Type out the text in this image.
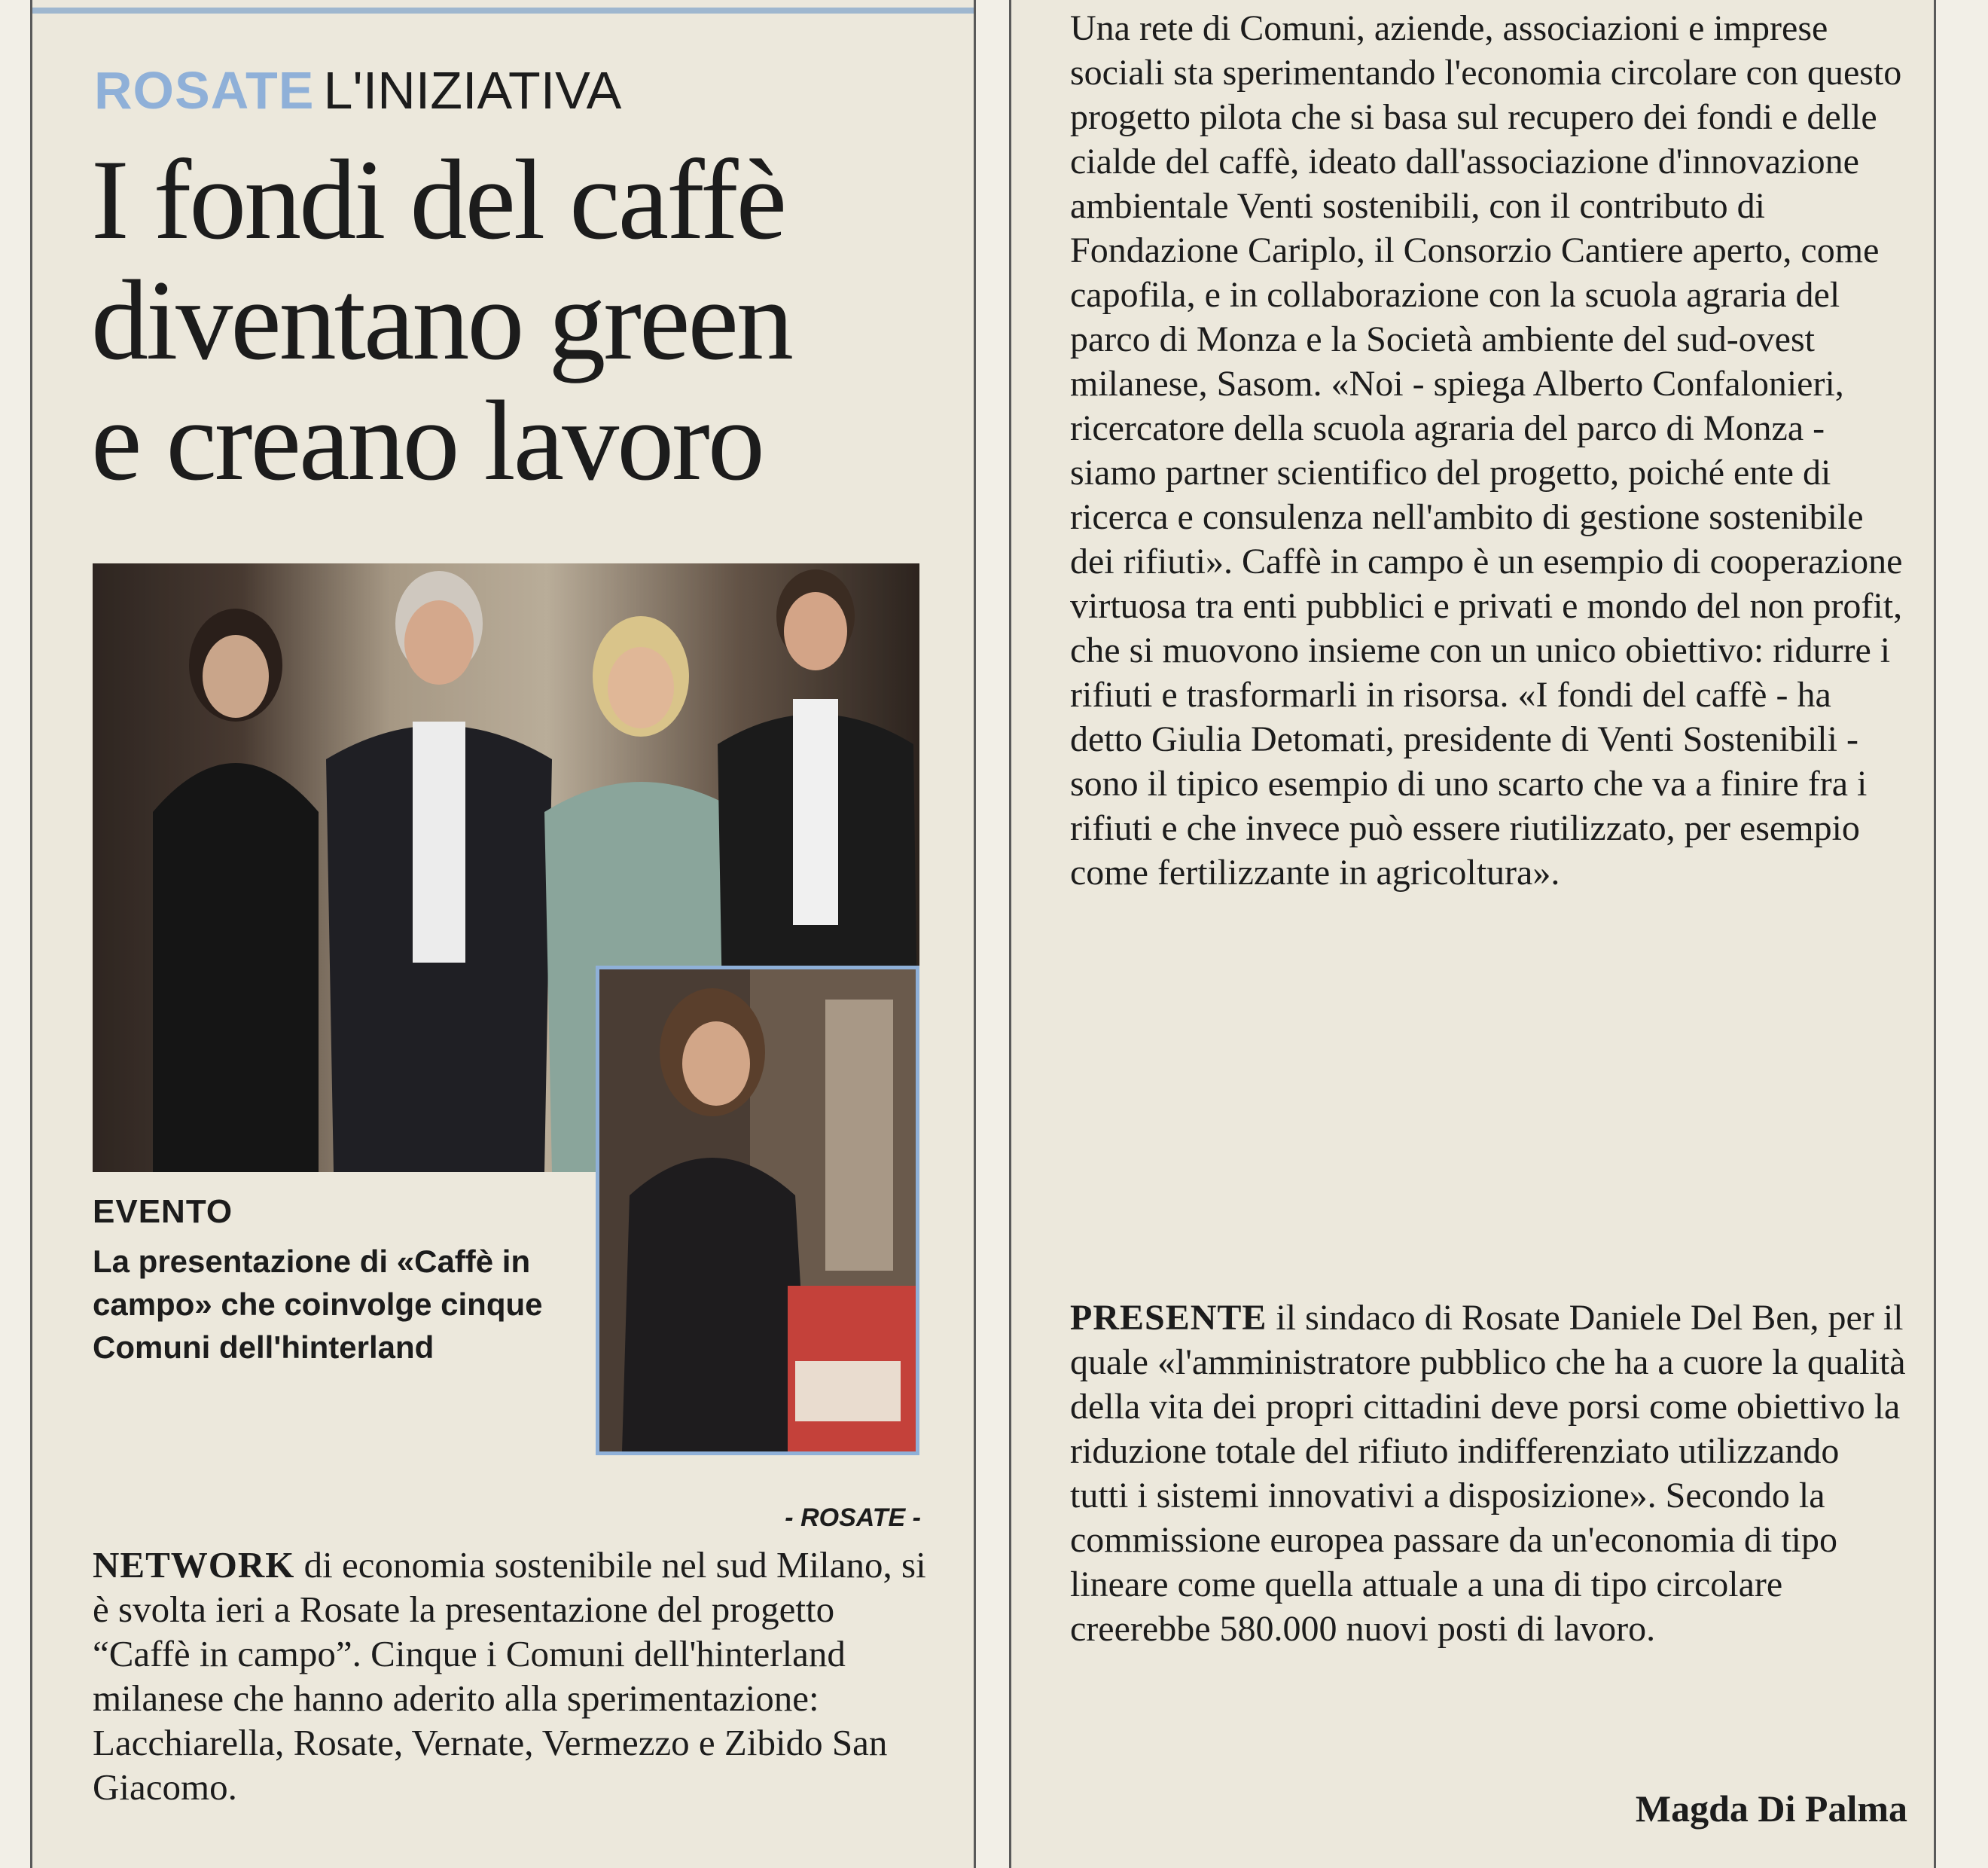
ROSATE L'INIZIATIVA
I fondi del caffè
diventano green
e creano lavoro
EVENTO

La presentazione di «Caffè in campo» che coinvolge cinque Comuni dell'hinterland

- ROSATE -

NETWORK di economia sostenibile nel sud Milano, si è svolta ieri a Rosate la presentazione del progetto “Caffè in campo”. Cinque i Comuni dell'hinterland milanese che hanno aderito alla sperimentazione: Lacchiarella, Rosate, Vernate, Vermezzo e Zibido San Giacomo.

Una rete di Comuni, aziende, associazioni e imprese sociali sta sperimentando l'economia circolare con questo progetto pilota che si basa sul recupero dei fondi e delle cialde del caffè, ideato dall'associazione d'innovazione ambientale Venti sostenibili, con il contributo di Fondazione Cariplo, il Consorzio Cantiere aperto, come capofila, e in collaborazione con la scuola agraria del parco di Monza e la Società ambiente del sud-ovest milanese, Sasom. «Noi - spiega Alberto Confalonieri, ricercatore della scuola agraria del parco di Monza - siamo partner scientifico del progetto, poiché ente di ricerca e consulenza nell'ambito di gestione sostenibile dei rifiuti». Caffè in campo è un esempio di cooperazione virtuosa tra enti pubblici e privati e mondo del non profit, che si muovono insieme con un unico obiettivo: ridurre i rifiuti e trasformarli in risorsa. «I fondi del caffè - ha detto Giulia Detomati, presidente di Venti Sostenibili - sono il tipico esempio di uno scarto che va a finire fra i rifiuti e che invece può essere riutilizzato, per esempio come fertilizzante in agricoltura».

PRESENTE il sindaco di Rosate Daniele Del Ben, per il quale «l'amministratore pubblico che ha a cuore la qualità della vita dei propri cittadini deve porsi come obiettivo la riduzione totale del rifiuto indifferenziato utilizzando tutti i sistemi innovativi a disposizione». Secondo la commissione europea passare da un'economia di tipo lineare come quella attuale a una di tipo circolare creerebbe 580.000 nuovi posti di lavoro.

Magda Di Palma
